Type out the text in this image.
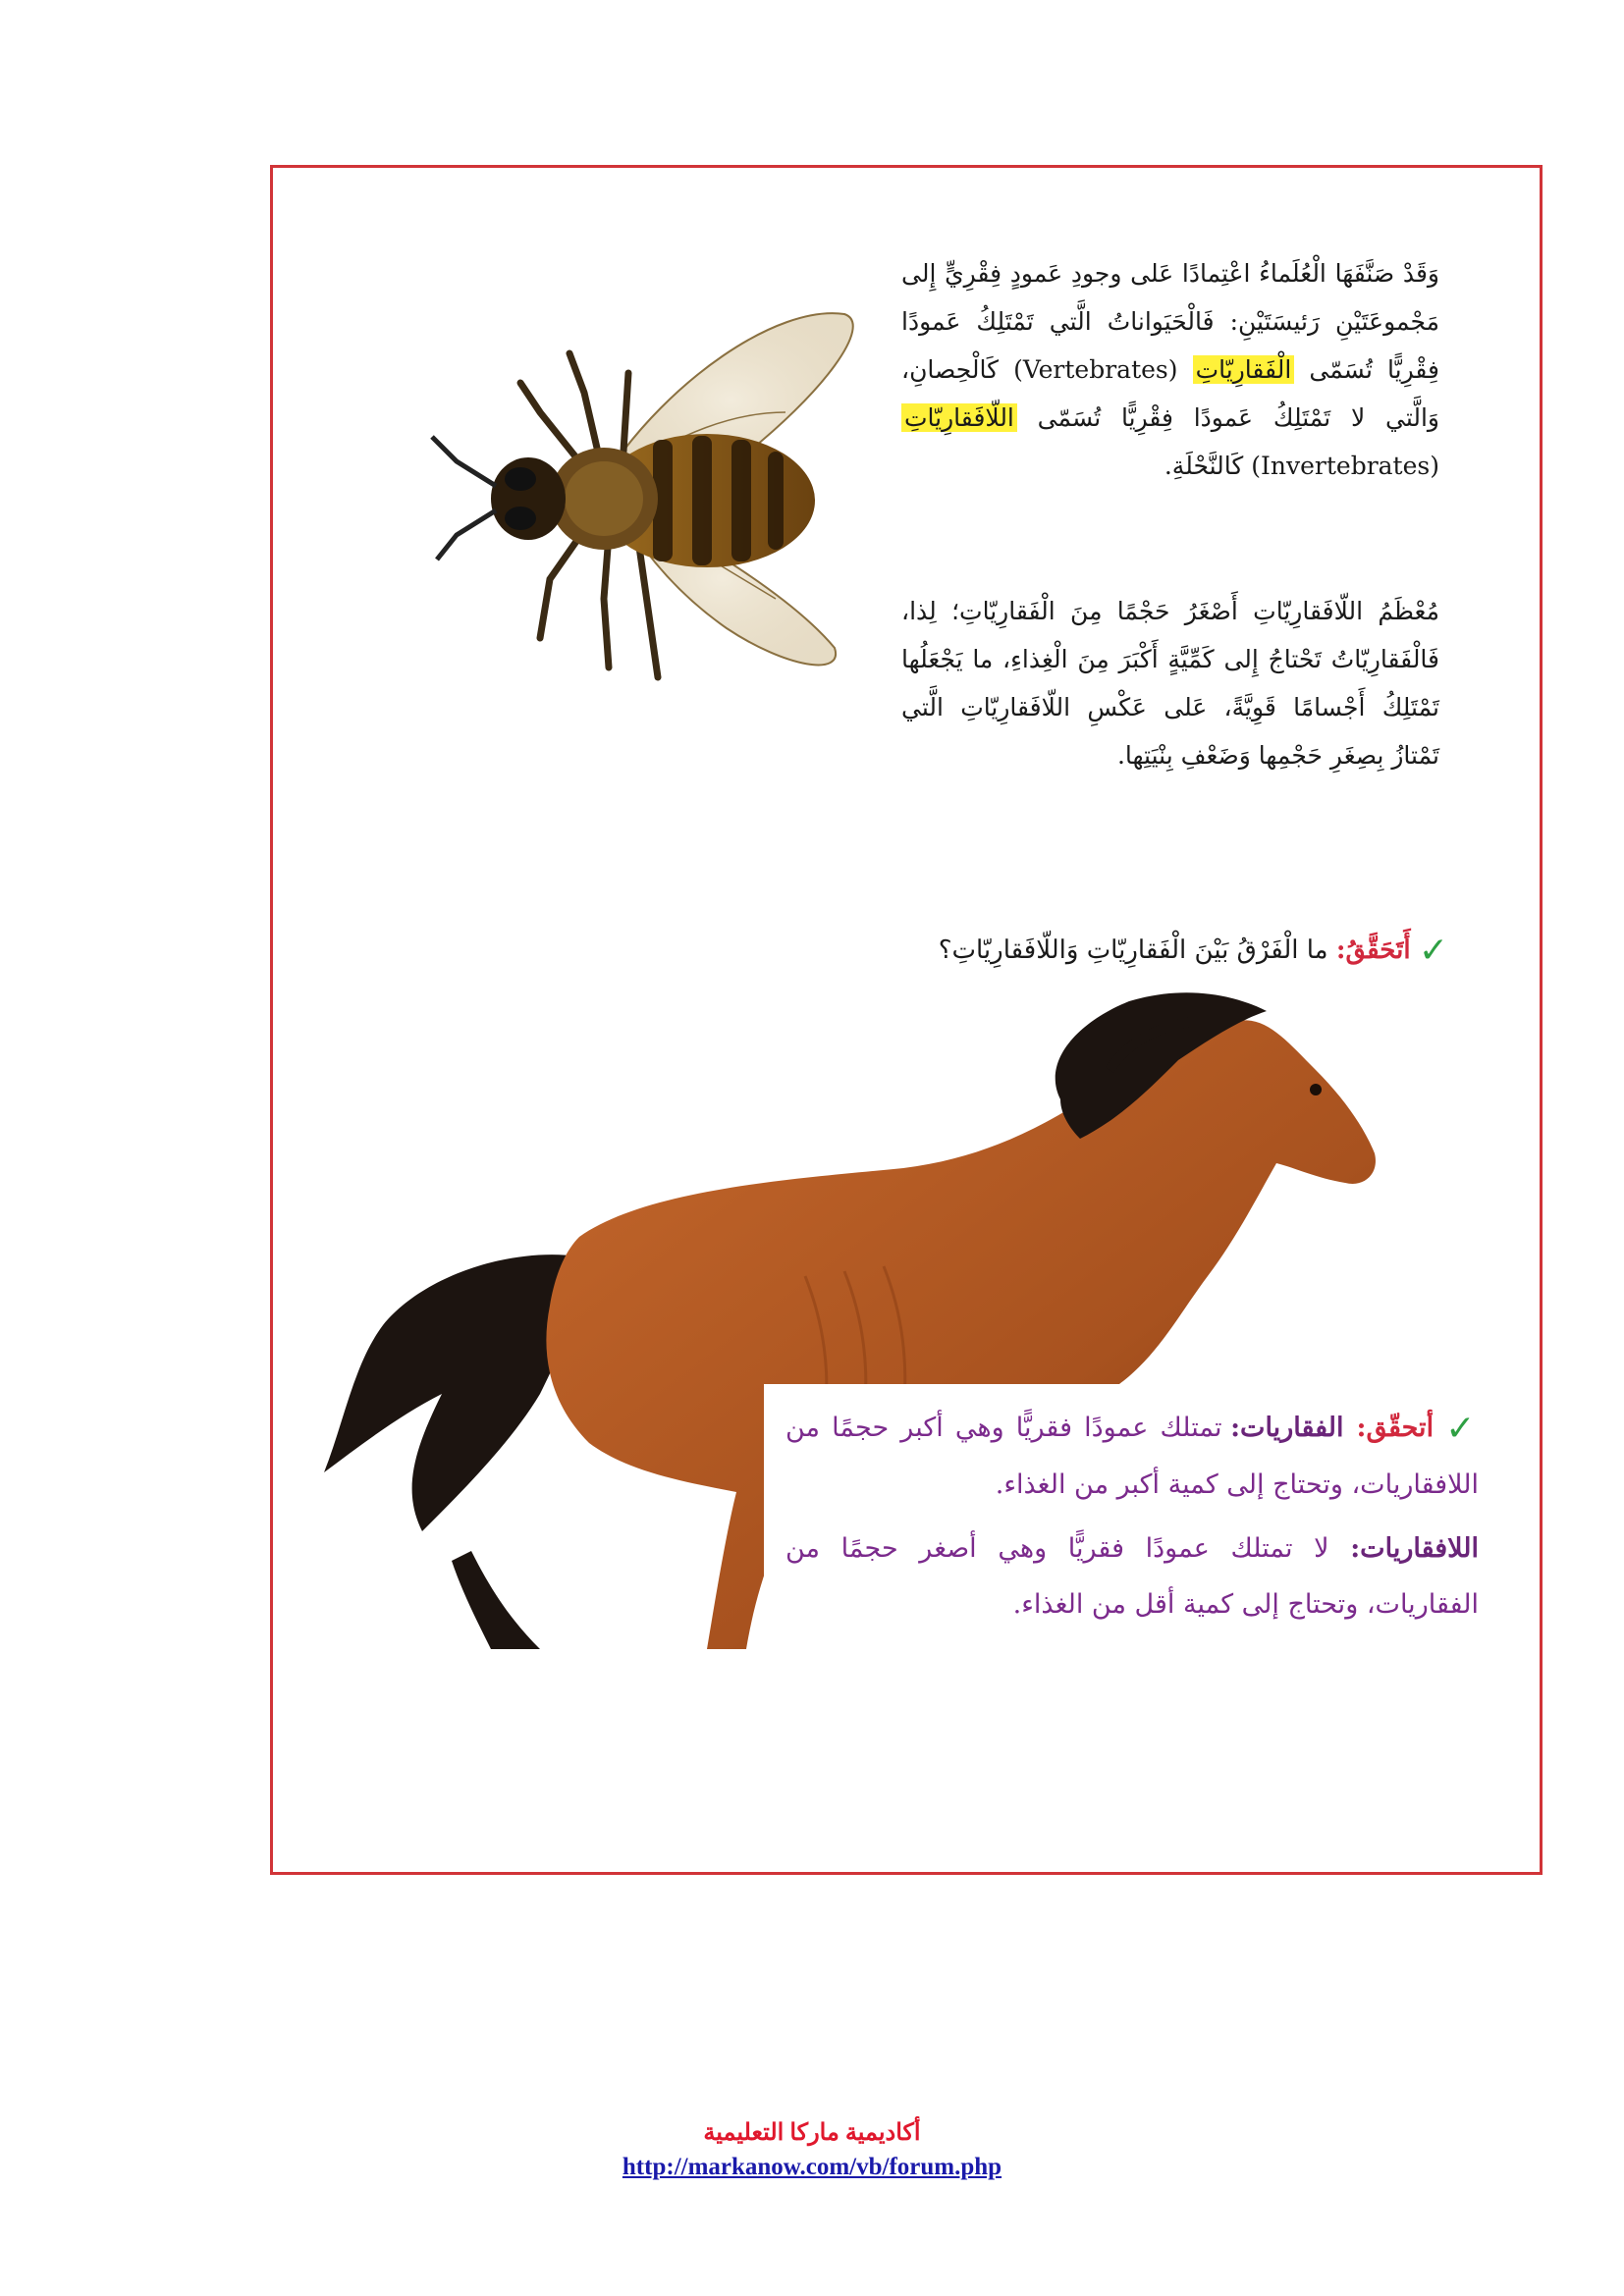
وَقَدْ صَنَّفَهَا الْعُلَماءُ اعْتِمادًا عَلى وجودِ عَمودٍ فِقْرِيٍّ إِلى مَجْموعَتَيْنِ رَئيسَتَيْنِ: فَالْحَيَواناتُ الَّتي تَمْتَلِكُ عَمودًا فِقْرِيًّا تُسَمّى الْفَقارِيّاتِ (Vertebrates) كَالْحِصانِ، وَالَّتي لا تَمْتَلِكُ عَمودًا فِقْرِيًّا تُسَمّى اللّافَقارِيّاتِ (Invertebrates) كَالنَّحْلَةِ.
مُعْظَمُ اللّافَقارِيّاتِ أَصْغَرُ حَجْمًا مِنَ الْفَقارِيّاتِ؛ لِذا، فَالْفَقارِيّاتُ تَحْتاجُ إِلى كَمِّيَّةٍ أَكْبَرَ مِنَ الْغِذاءِ، ما يَجْعَلُها تَمْتَلِكُ أَجْسامًا قَوِيَّةً، عَلى عَكْسِ اللّافَقارِيّاتِ الَّتي تَمْتازُ بِصِغَرِ حَجْمِها وَضَعْفِ بِنْيَتِها.
✓ أَتَحَقَّقُ: ما الْفَرْقُ بَيْنَ الْفَقارِيّاتِ وَاللّافَقارِيّاتِ؟

✓ أتحقّق: الفقاريات: تمتلك عمودًا فقريًّا وهي أكبر حجمًا من اللافقاريات، وتحتاج إلى كمية أكبر من الغذاء.

اللافقاريات: لا تمتلك عمودًا فقريًّا وهي أصغر حجمًا من الفقاريات، وتحتاج إلى كمية أقل من الغذاء.

أكاديمية ماركا التعليمية
http://markanow.com/vb/forum.php
